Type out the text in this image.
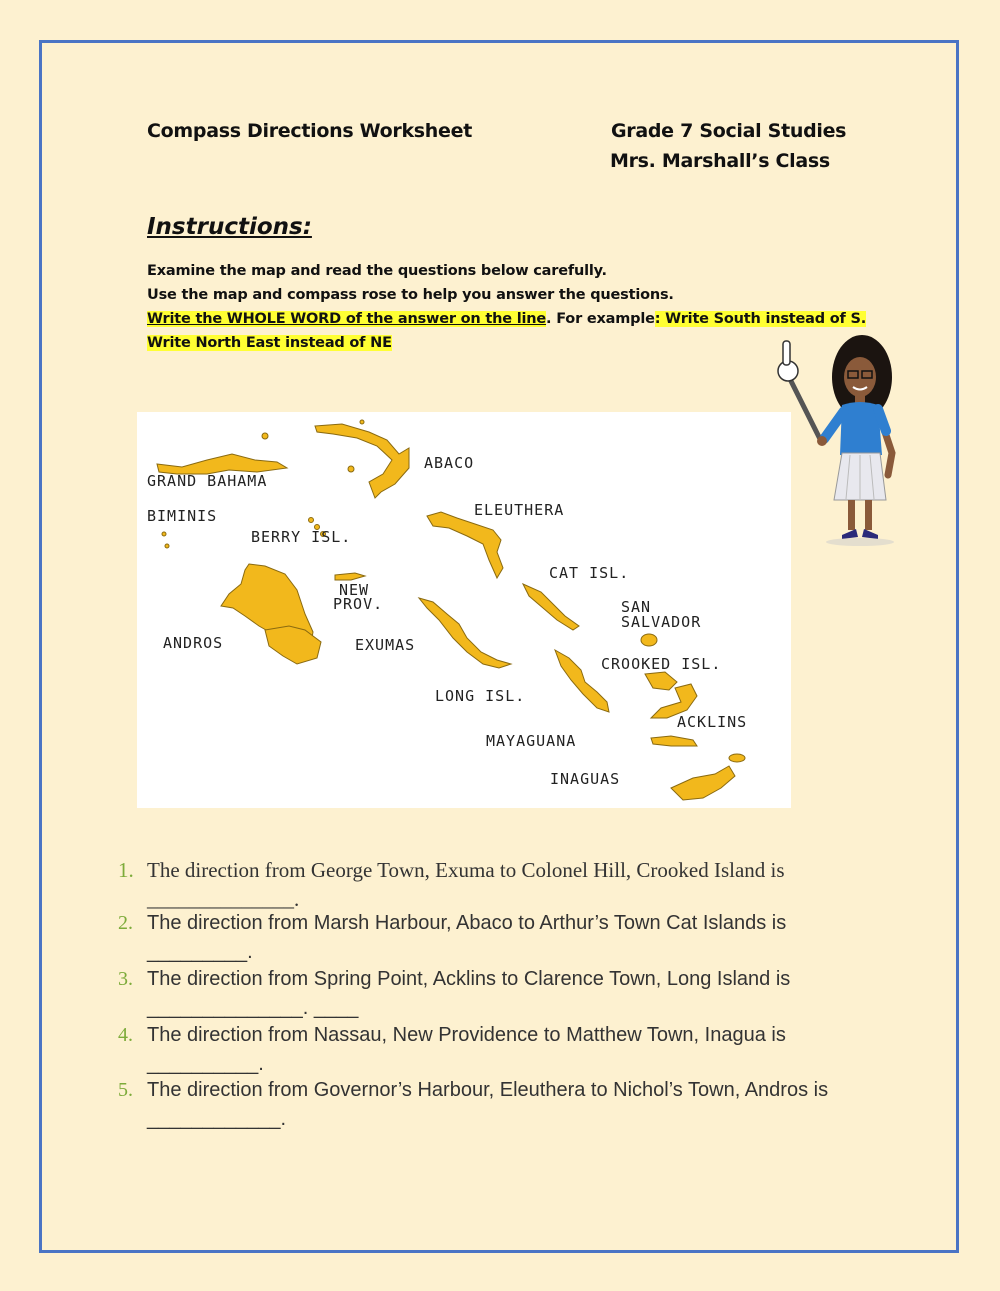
Compass Directions Worksheet	Grade 7 Social Studies
Mrs. Marshall’s Class
Instructions:
Examine the map and read the questions below carefully.
Use the map and compass rose to help you answer the questions.
Write the WHOLE WORD of the answer on the line. For example: Write South instead of S.
Write North East instead of NE
ABACO
GRAND BAHAMA
BIMINIS
BERRY ISL.
ELEUTHERA
CAT ISL.
NEW
PROV.	SAN
SALVADOR
ANDROS	EXUMAS
CROOKED ISL.
LONG ISL.
ACKLINS
MAYAGUANA
INAGUAS
1. The direction from George Town, Exuma to Colonel Hill, Crooked Island is
______________.
2. The direction from Marsh Harbour, Abaco to Arthur’s Town Cat Islands is
_________.
3. The direction from Spring Point, Acklins to Clarence Town, Long Island is
______________. ____
4. The direction from Nassau, New Providence to Matthew Town, Inagua is
__________.
5. The direction from Governor’s Harbour, Eleuthera to Nichol’s Town, Andros is
____________.
